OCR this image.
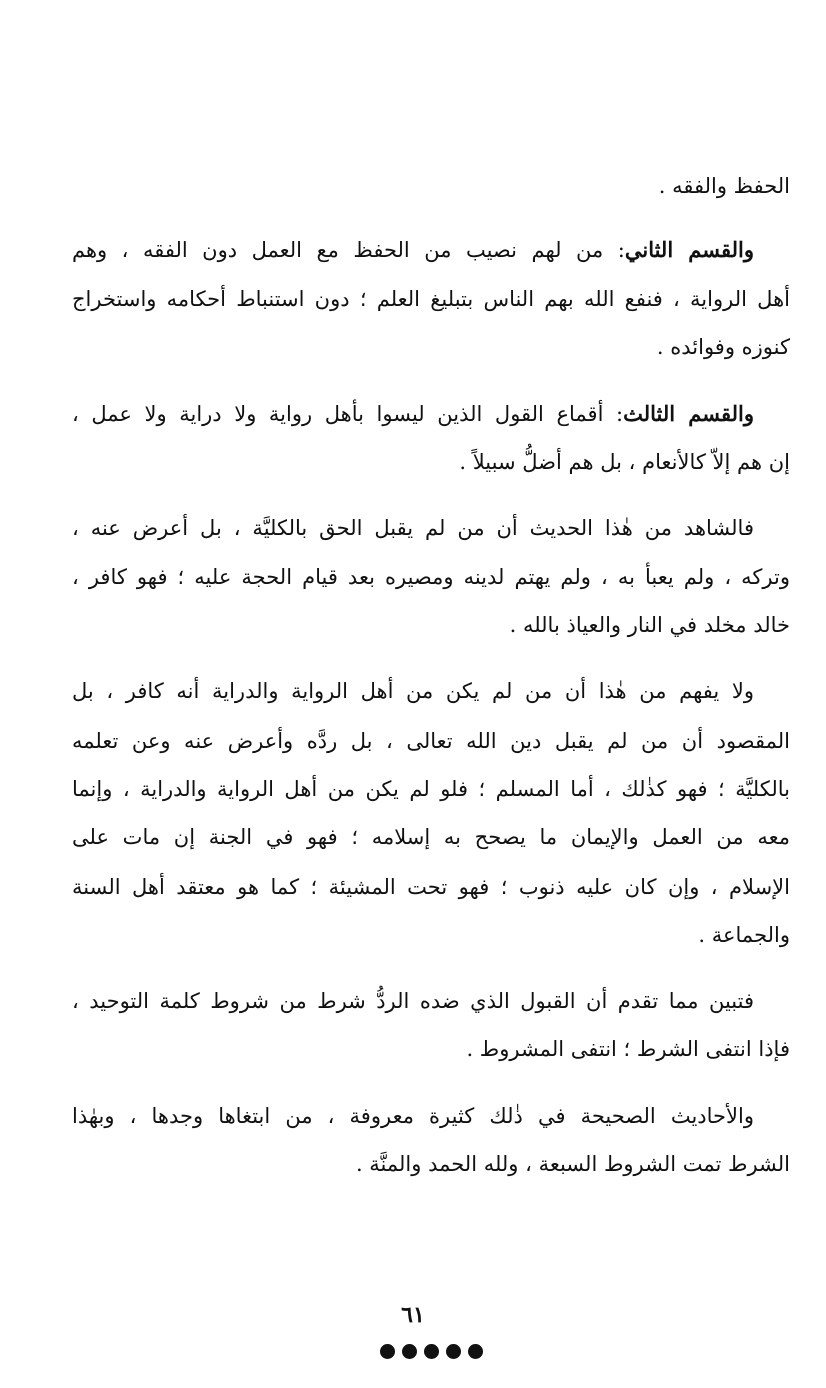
الحفظ والفقه .
والقسم الثاني: من لهم نصيب من الحفظ مع العمل دون الفقه ، وهم
أهل الرواية ، فنفع الله بهم الناس بتبليغ العلم ؛ دون استنباط أحكامه واستخراج
كنوزه وفوائده .
والقسم الثالث: أقماع القول الذين ليسوا بأهل رواية ولا دراية ولا عمل ،
إن هم إلاّ كالأنعام ، بل هم أضلُّ سبيلاً .
فالشاهد من هٰذا الحديث أن من لم يقبل الحق بالكليَّة ، بل أعرض عنه ،
وتركه ، ولم يعبأ به ، ولم يهتم لدينه ومصيره بعد قيام الحجة عليه ؛ فهو كافر ،
خالد مخلد في النار والعياذ بالله .
ولا يفهم من هٰذا أن من لم يكن من أهل الرواية والدراية أنه كافر ، بل
المقصود أن من لم يقبل دين الله تعالى ، بل ردَّه وأعرض عنه وعن تعلمه
بالكليَّة ؛ فهو كذٰلك ، أما المسلم ؛ فلو لم يكن من أهل الرواية والدراية ، وإنما
معه من العمل والإيمان ما يصحح به إسلامه ؛ فهو في الجنة إن مات على
الإسلام ، وإن كان عليه ذنوب ؛ فهو تحت المشيئة ؛ كما هو معتقد أهل السنة
والجماعة .
فتبين مما تقدم أن القبول الذي ضده الردُّ شرط من شروط كلمة التوحيد ،
فإذا انتفى الشرط ؛ انتفى المشروط .
والأحاديث الصحيحة في ذٰلك كثيرة معروفة ، من ابتغاها وجدها ، وبهٰذا
الشرط تمت الشروط السبعة ، ولله الحمد والمنَّة .
٦١
